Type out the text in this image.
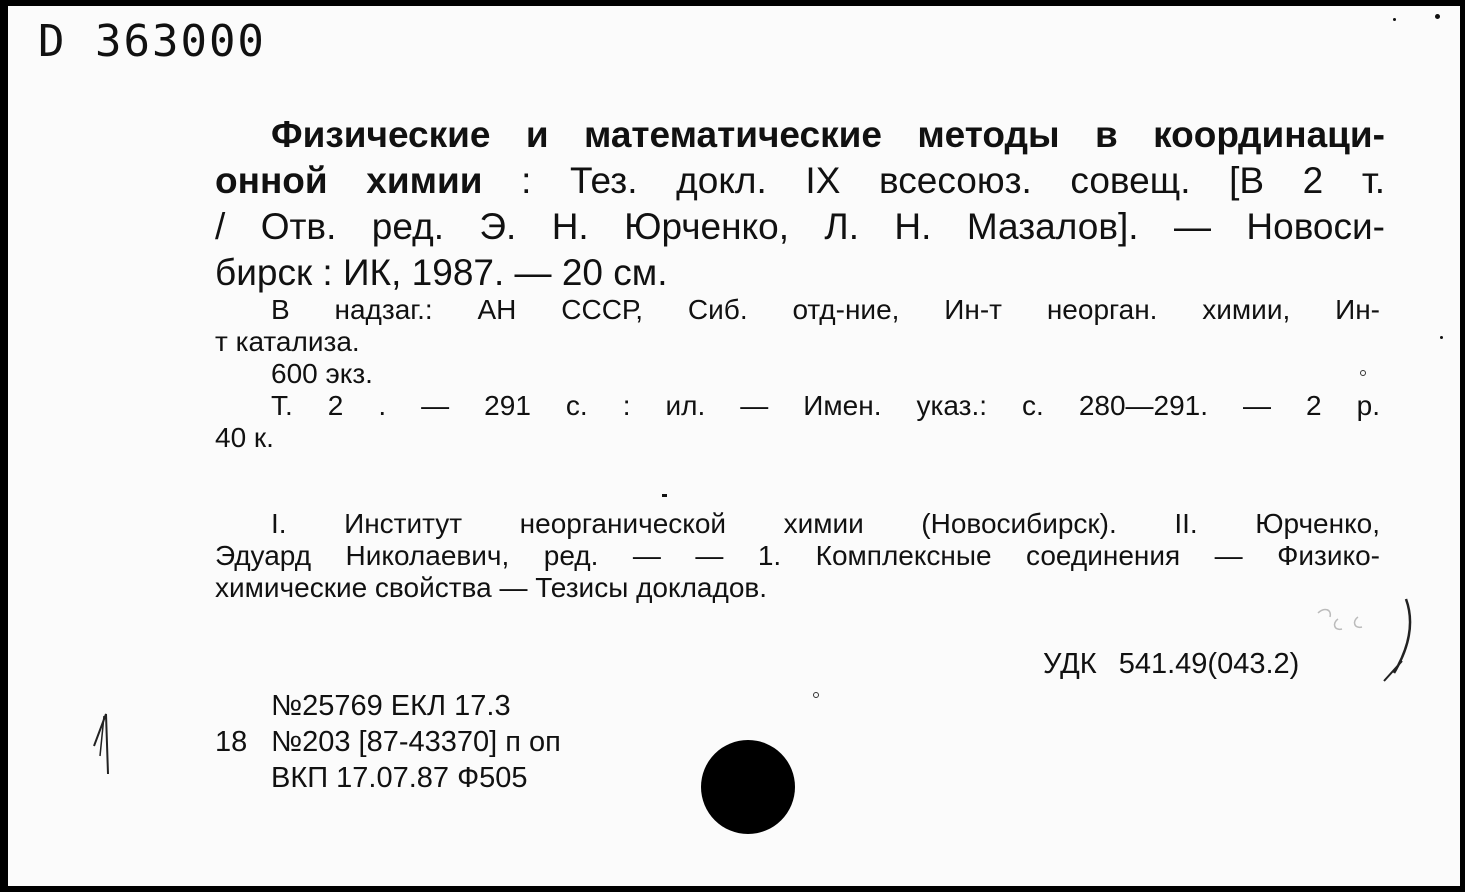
D 363000
Физические и математические методы в координаци-
онной химии : Тез. докл. IX всесоюз. совещ. [В 2 т.
/ Отв. ред. Э. Н. Юрченко, Л. Н. Мазалов]. — Новоси-
бирск : ИК, 1987. — 20 см.
В надзаг.: АН СССР, Сиб. отд-ние, Ин-т неорган. химии, Ин-
т катализа.
600 экз.
Т. 2 . — 291 с. : ил. — Имен. указ.: с. 280—291. — 2 р.
40 к.
I. Институт неорганической химии (Новосибирск). II. Юрченко,
Эдуард Николаевич, ред. — — 1. Комплексные соединения — Физико-
химические свойства — Тезисы докладов.
УДК 541.49(043.2)
№25769 ЕКЛ 17.3
18 №203 [87-43370] п оп
ВКП 17.07.87 Ф505
